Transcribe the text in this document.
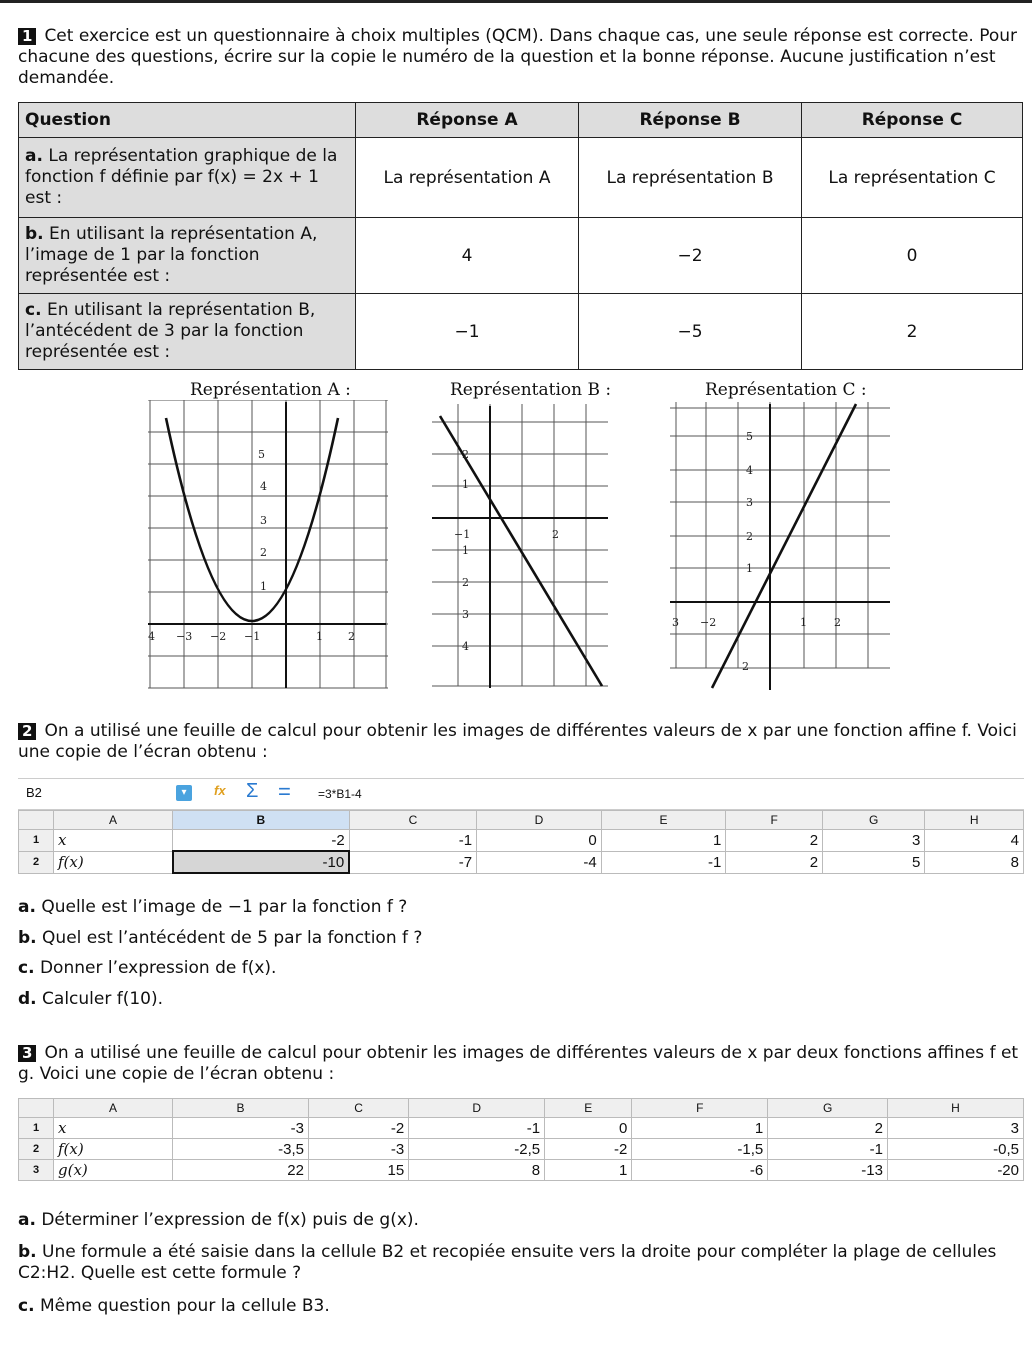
1 Cet exercice est un questionnaire à choix multiples (QCM). Dans chaque cas, une seule réponse est correcte. Pour chacune des questions, écrire sur la copie le numéro de la question et la bonne réponse. Aucune justification n’est demandée.
Question	Réponse A	Réponse B	Réponse C
a. La représentation graphique de la fonction f définie par f(x) = 2x + 1 est :	La représentation A	La représentation B	La représentation C
b. En utilisant la représentation A, l’image de 1 par la fonction représentée est :	4	−2	0
c. En utilisant la représentation B, l’antécédent de 3 par la fonction représentée est :	−1	−5	2
Représentation A :	Représentation B :	Représentation C :
5
4
3
2
1
4 −3 −2 −1	1 2
2
1
1
2
3
4
−1	2
5
4
3
2
1
2
3 −2	1 2
2 On a utilisé une feuille de calcul pour obtenir les images de différentes valeurs de x par une fonction affine f. Voici une copie de l’écran obtenu :
B2	▾	fx Σ = =3*B1-4
	A	B	C	D	E	F	G	H
1	x	-2	-1	0	1	2	3	4
2	f(x)	-10	-7	-4	-1	2	5	8
a. Quelle est l’image de −1 par la fonction f ?
b. Quel est l’antécédent de 5 par la fonction f ?
c. Donner l’expression de f(x).
d. Calculer f(10).
3 On a utilisé une feuille de calcul pour obtenir les images de différentes valeurs de x par deux fonctions affines f et g. Voici une copie de l’écran obtenu :
	A	B	C	D	E	F	G	H
1	x	-3	-2	-1	0	1	2	3
2	f(x)	-3,5	-3	-2,5	-2	-1,5	-1	-0,5
3	g(x)	22	15	8	1	-6	-13	-20
a. Déterminer l’expression de f(x) puis de g(x).
b. Une formule a été saisie dans la cellule B2 et recopiée ensuite vers la droite pour compléter la plage de cellules C2:H2. Quelle est cette formule ?
c. Même question pour la cellule B3.
